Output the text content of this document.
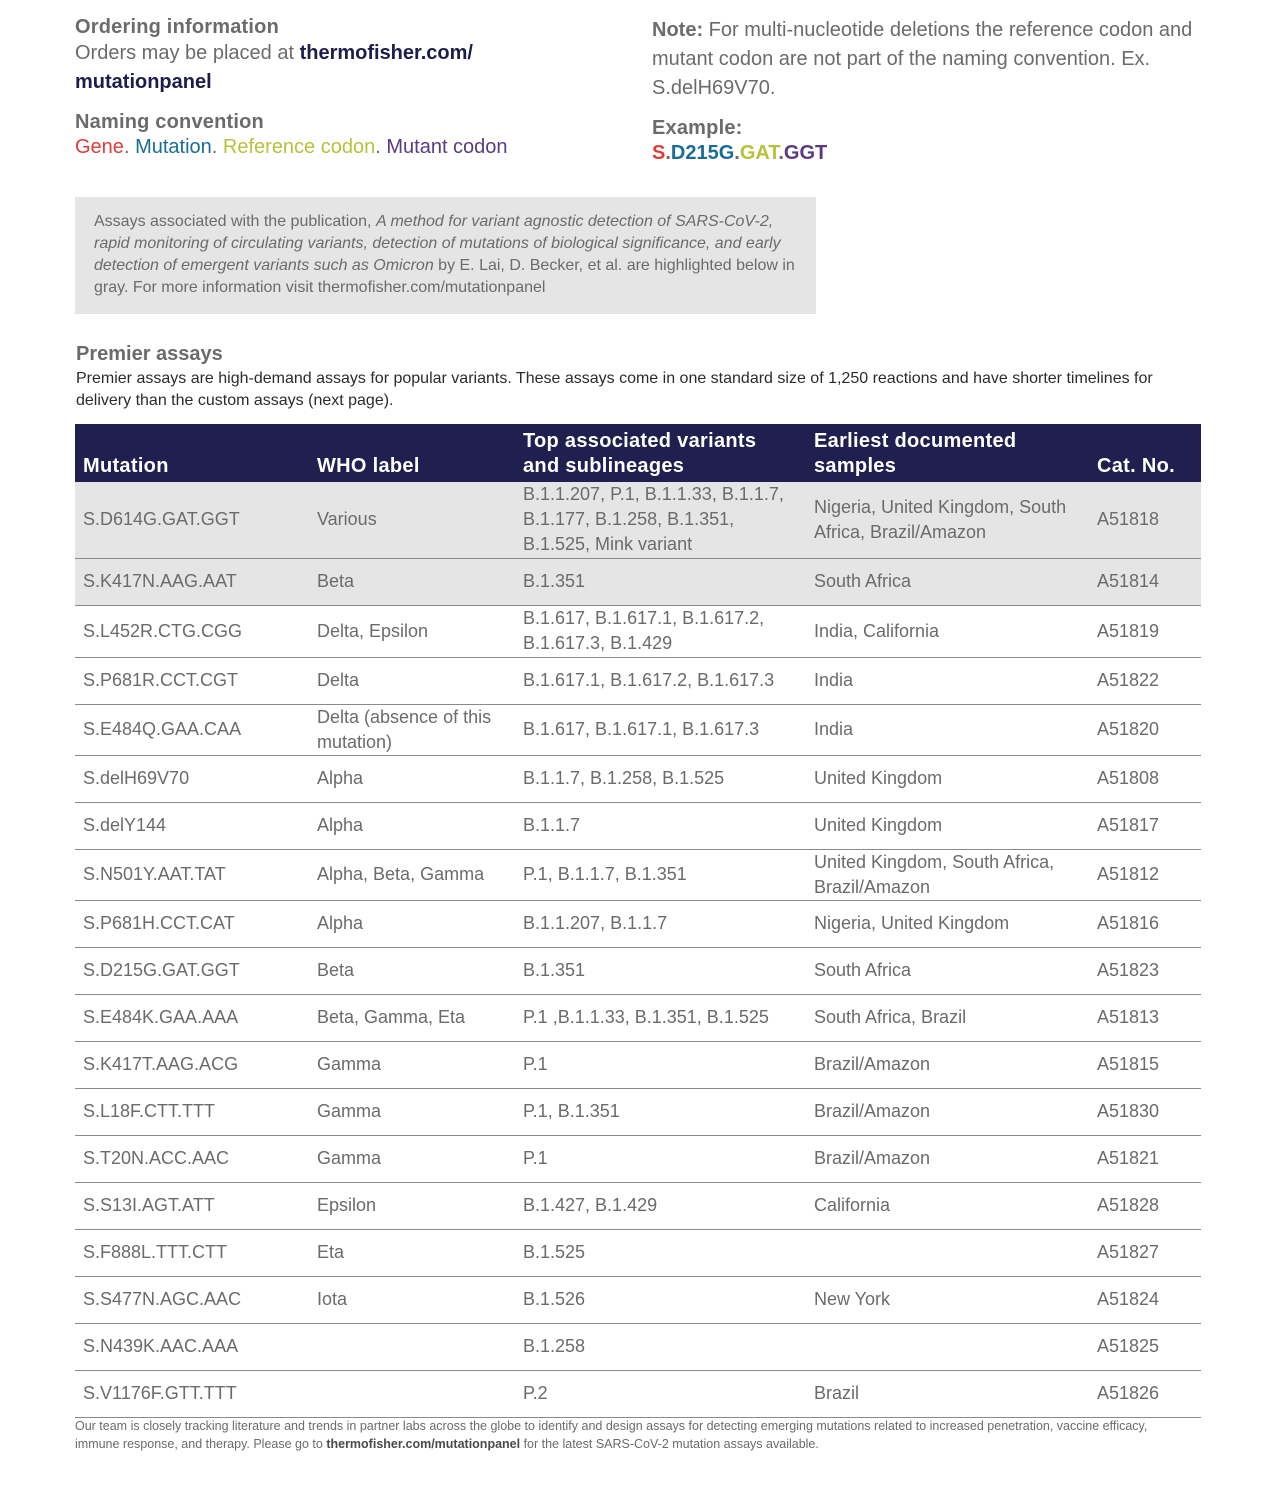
Ordering information
Orders may be placed at thermofisher.com/
mutationpanel
Naming convention
Gene. Mutation. Reference codon. Mutant codon
Note: For multi-nucleotide deletions the reference codon and mutant codon are not part of the naming convention. Ex. S.delH69V70.
Example:
S.D215G.GAT.GGT
Assays associated with the publication, A method for variant agnostic detection of SARS-CoV-2, rapid monitoring of circulating variants, detection of mutations of biological significance, and early detection of emergent variants such as Omicron by E. Lai, D. Becker, et al. are highlighted below in gray. For more information visit thermofisher.com/mutationpanel
Premier assays
Premier assays are high-demand assays for popular variants. These assays come in one standard size of 1,250 reactions and have shorter timelines for delivery than the custom assays (next page).
Mutation	WHO label	Top associated variants and sublineages	Earliest documented samples	Cat. No.
S.D614G.GAT.GGT	Various	B.1.1.207, P.1, B.1.1.33, B.1.1.7, B.1.177, B.1.258, B.1.351, B.1.525, Mink variant	Nigeria, United Kingdom, South Africa, Brazil/Amazon	A51818
S.K417N.AAG.AAT	Beta	B.1.351	South Africa	A51814
S.L452R.CTG.CGG	Delta, Epsilon	B.1.617, B.1.617.1, B.1.617.2, B.1.617.3, B.1.429	India, California	A51819
S.P681R.CCT.CGT	Delta	B.1.617.1, B.1.617.2, B.1.617.3	India	A51822
S.E484Q.GAA.CAA	Delta (absence of this mutation)	B.1.617, B.1.617.1, B.1.617.3	India	A51820
S.delH69V70	Alpha	B.1.1.7, B.1.258, B.1.525	United Kingdom	A51808
S.delY144	Alpha	B.1.1.7	United Kingdom	A51817
S.N501Y.AAT.TAT	Alpha, Beta, Gamma	P.1, B.1.1.7, B.1.351	United Kingdom, South Africa, Brazil/Amazon	A51812
S.P681H.CCT.CAT	Alpha	B.1.1.207, B.1.1.7	Nigeria, United Kingdom	A51816
S.D215G.GAT.GGT	Beta	B.1.351	South Africa	A51823
S.E484K.GAA.AAA	Beta, Gamma, Eta	P.1 ,B.1.1.33, B.1.351, B.1.525	South Africa, Brazil	A51813
S.K417T.AAG.ACG	Gamma	P.1	Brazil/Amazon	A51815
S.L18F.CTT.TTT	Gamma	P.1, B.1.351	Brazil/Amazon	A51830
S.T20N.ACC.AAC	Gamma	P.1	Brazil/Amazon	A51821
S.S13I.AGT.ATT	Epsilon	B.1.427, B.1.429	California	A51828
S.F888L.TTT.CTT	Eta	B.1.525		A51827
S.S477N.AGC.AAC	Iota	B.1.526	New York	A51824
S.N439K.AAC.AAA		B.1.258		A51825
S.V1176F.GTT.TTT		P.2	Brazil	A51826
Our team is closely tracking literature and trends in partner labs across the globe to identify and design assays for detecting emerging mutations related to increased penetration, vaccine efficacy, immune response, and therapy. Please go to thermofisher.com/mutationpanel for the latest SARS-CoV-2 mutation assays available.
